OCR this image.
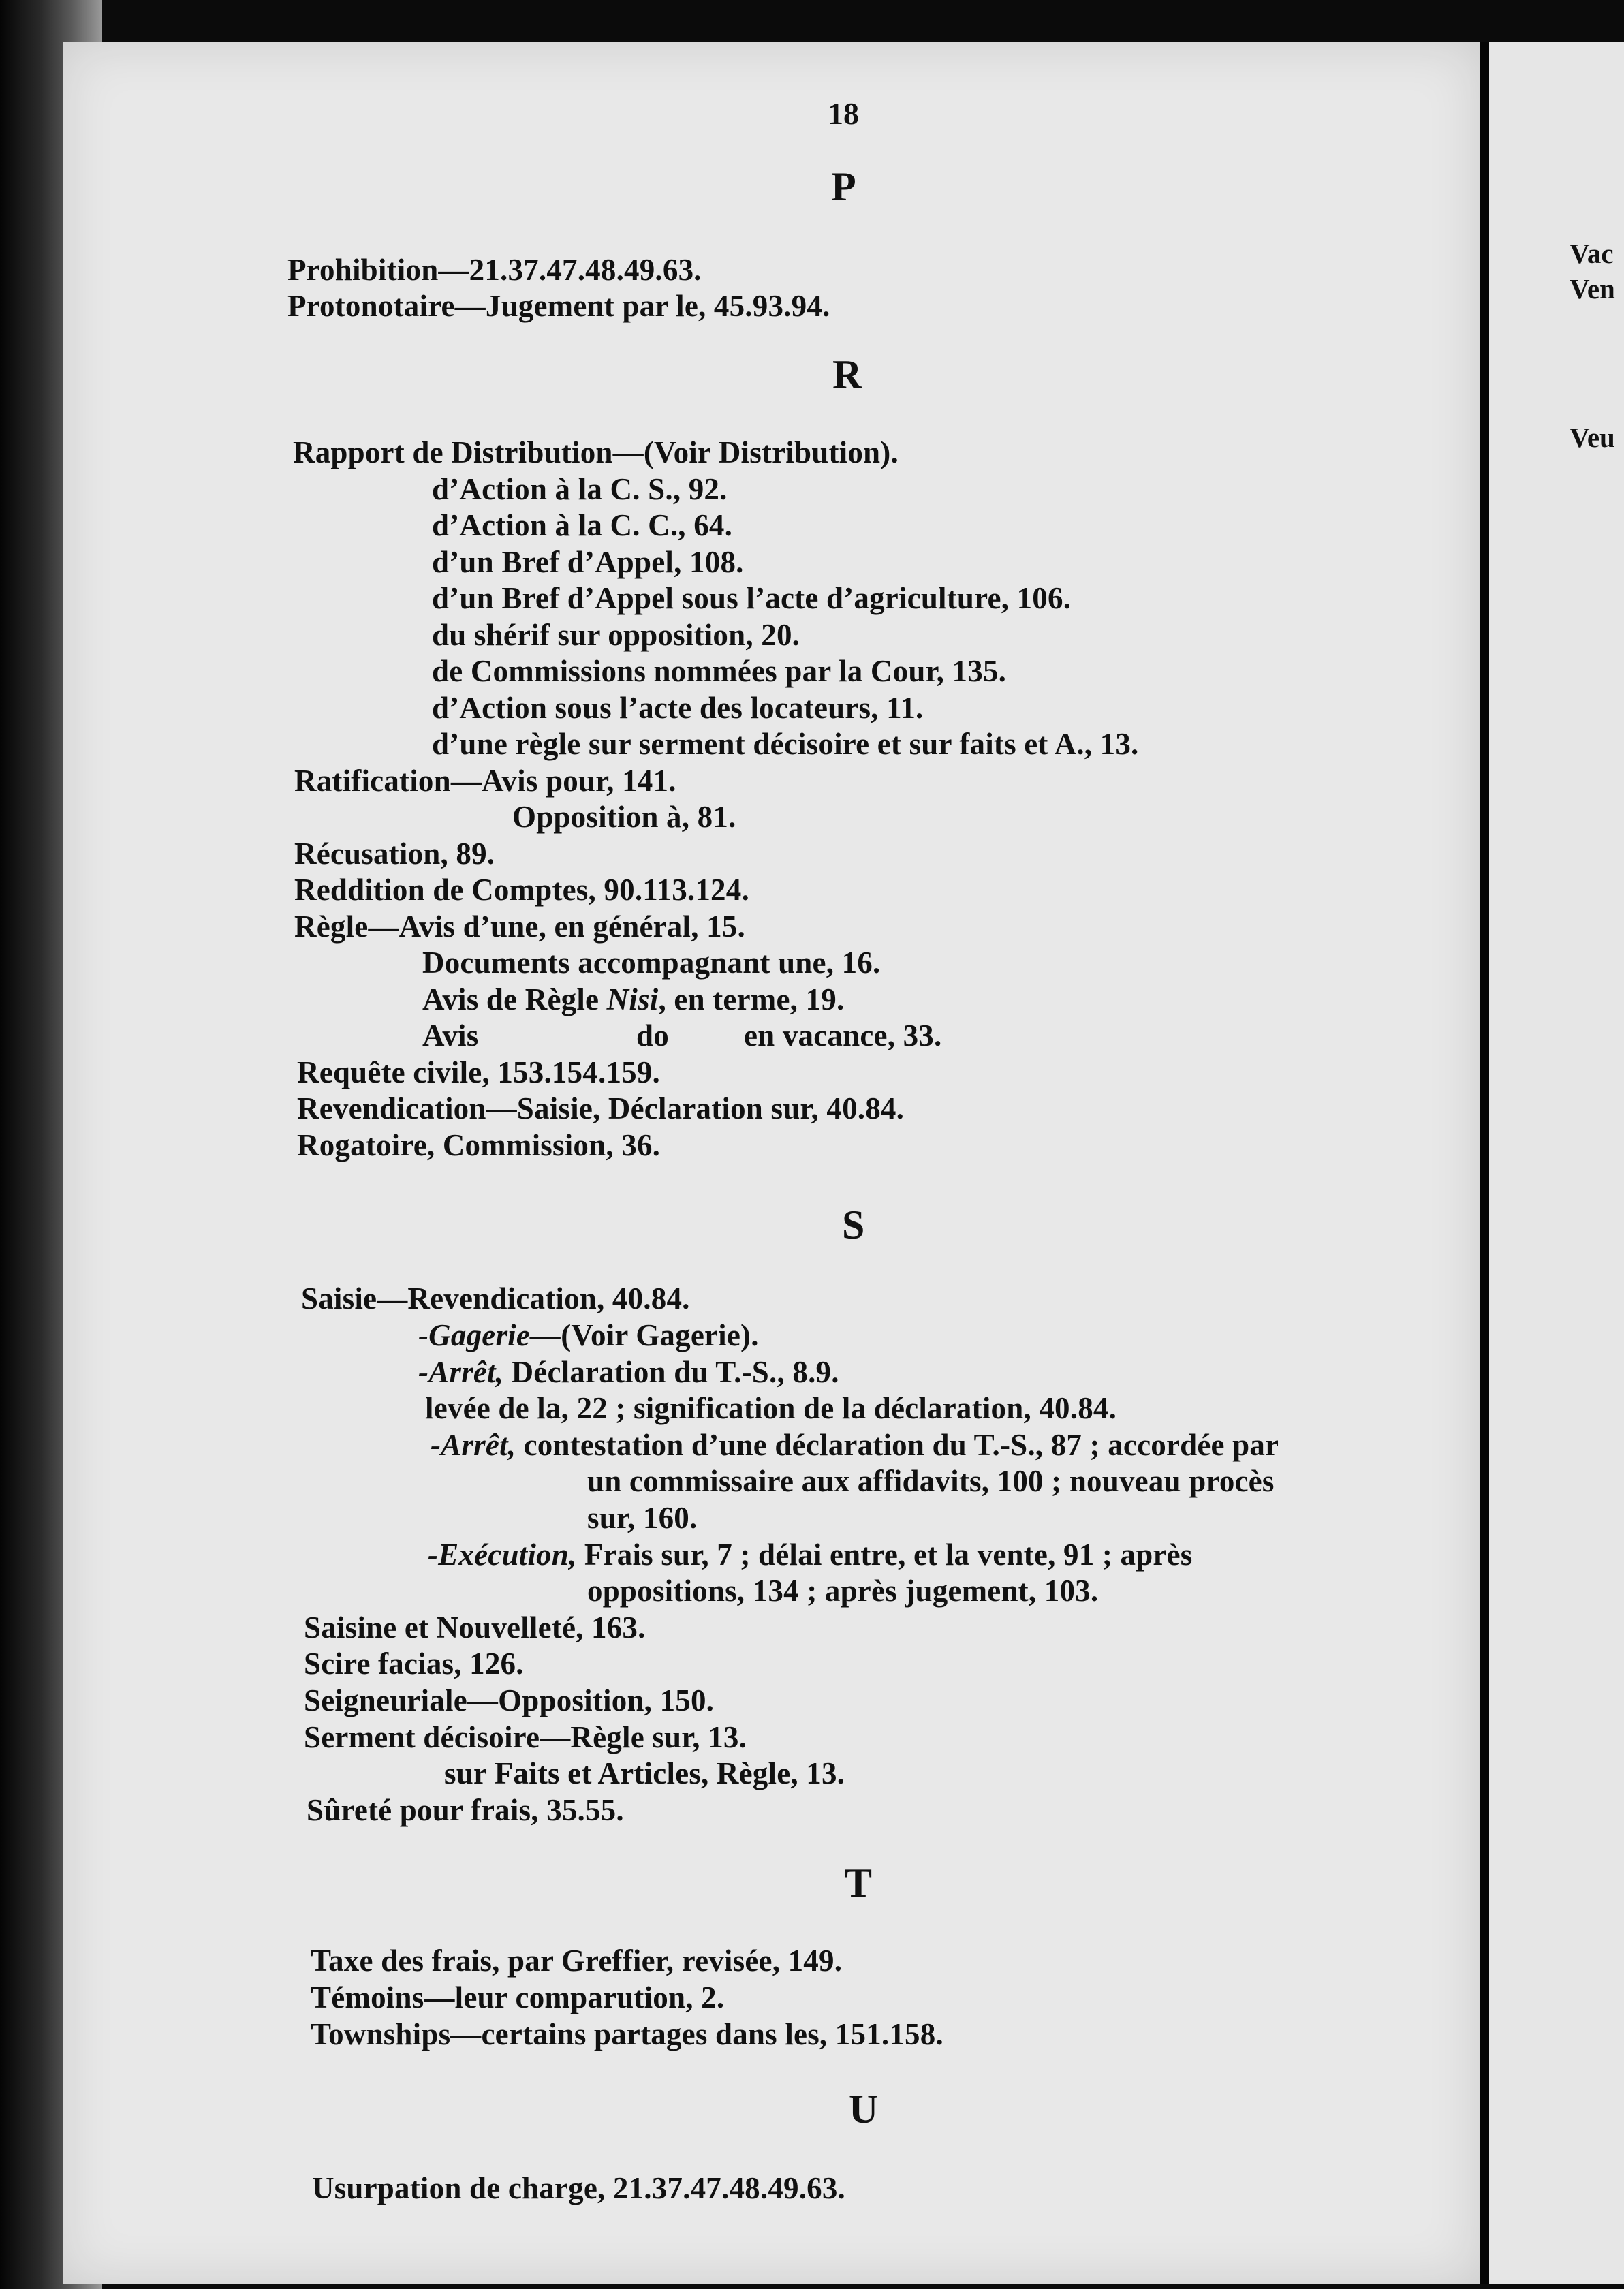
Vac
Ven
Veu
18
P
Prohibition—21.37.47.48.49.63.
Protonotaire—Jugement par le, 45.93.94.
R
Rapport de Distribution—(Voir Distribution).
d’Action à la C. S., 92.
d’Action à la C. C., 64.
d’un Bref d’Appel, 108.
d’un Bref d’Appel sous l’acte d’agriculture, 106.
du shérif sur opposition, 20.
de Commissions nommées par la Cour, 135.
d’Action sous l’acte des locateurs, 11.
d’une règle sur serment décisoire et sur faits et A., 13.
Ratification—Avis pour, 141.
Opposition à, 81.
Récusation, 89.
Reddition de Comptes, 90.113.124.
Règle—Avis d’une, en général, 15.
Documents accompagnant une, 16.
Avis de Règle Nisi, en terme, 19.
Avis	do en vacance, 33.
Requête civile, 153.154.159.
Revendication—Saisie, Déclaration sur, 40.84.
Rogatoire, Commission, 36.
S
Saisie—Revendication, 40.84.
-Gagerie—(Voir Gagerie).
-Arrêt, Déclaration du T.-S., 8.9.
levée de la, 22 ; signification de la déclaration, 40.84.
-Arrêt, contestation d’une déclaration du T.-S., 87 ; accordée par
un commissaire aux affidavits, 100 ; nouveau procès
sur, 160.
-Exécution, Frais sur, 7 ; délai entre, et la vente, 91 ; après
oppositions, 134 ; après jugement, 103.
Saisine et Nouvelleté, 163.
Scire facias, 126.
Seigneuriale—Opposition, 150.
Serment décisoire—Règle sur, 13.
sur Faits et Articles, Règle, 13.
Sûreté pour frais, 35.55.
T
Taxe des frais, par Greffier, revisée, 149.
Témoins—leur comparution, 2.
Townships—certains partages dans les, 151.158.
U
Usurpation de charge, 21.37.47.48.49.63.
